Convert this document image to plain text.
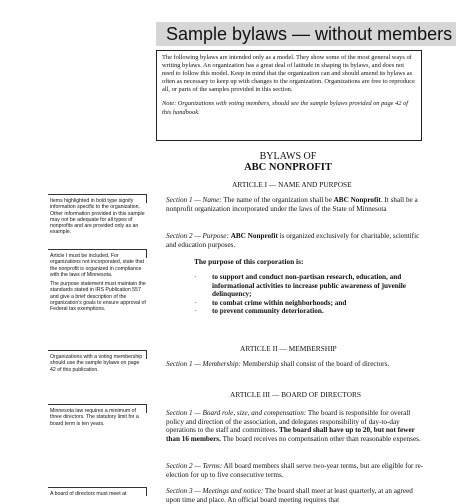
Sample bylaws — without members

The following bylaws are intended only as a model. They show some of the most general ways of writing bylaws. An organization has a great deal of latitude in shaping its bylaws, and does not need to follow this model. Keep in mind that the organization can and should amend its bylaws as often as necessary to keep up with changes to the organization. Organizations are free to reproduce all, or parts of the samples provided in this section.

Note: Organizations with voting members, should see the sample bylaws provided on page 42 of this handbook.

BYLAWS OF
ABC NONPROFIT
ARTICLE I — NAME AND PURPOSE

Section 1 — Name: The name of the organization shall be ABC Nonprofit. It shall be a nonprofit organization incorporated under the laws of the State of Minnesota

Section 2 — Purpose: ABC Nonprofit is organized exclusively for charitable, scientific and education purposes.

The purpose of this corporation is:
· to support and conduct non-partisan research, education, and informational activities to increase public awareness of juvenile delinquency;
· to combat crime within neighborhoods; and
· to prevent community deterioration.
ARTICLE II — MEMBERSHIP

Section 1 — Membership: Membership shall consist of the board of directors.

ARTICLE III — BOARD OF DIRECTORS

Section 1 — Board role, size, and compensation: The board is responsible for overall policy and direction of the association, and delegates responsibility of day-to-day operations to the staff and committees. The board shall have up to 20, but not fewer than 16 members. The board receives no compensation other than reasonable expenses.

Section 2 — Terms: All board members shall serve two-year terms, but are eligible for re-election for up to five consecutive terms.

Section 3 — Meetings and notice: The board shall meet at least quarterly, at an agreed upon time and place. An official board meeting requires that

Items highlighted in bold type signify information specific to the organization. Other information provided in this sample may not be adequate for all types of nonprofits and are provided only as an example.

Article I must be included. For organizations not incorporated, state that the nonprofit is organized in compliance with the laws of Minnesota.

The purpose statement must maintain the standards stated in IRS Publication 557 and give a brief description of the organization's goals to ensure approval of Federal tax exemptions.

Organizations with a voting membership should use the sample bylaws on page 42 of this publication.

Minnesota law requires a minimum of three directors. The statutory limit for a board term is ten years.

A board of directors must meet at
